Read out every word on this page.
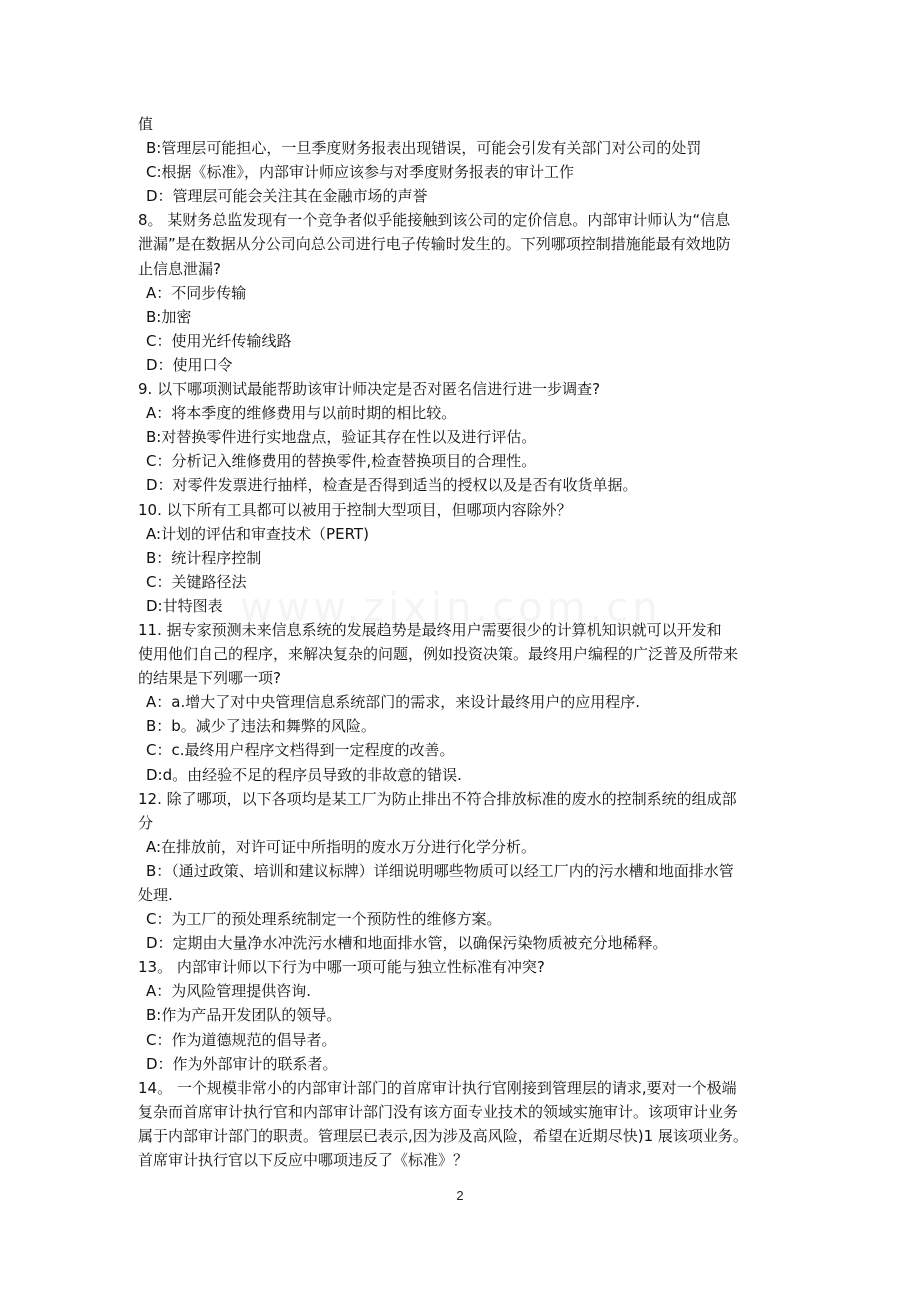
值
B:管理层可能担心，一旦季度财务报表出现错误，可能会引发有关部门对公司的处罚
C:根据《标准》，内部审计师应该参与对季度财务报表的审计工作
D：管理层可能会关注其在金融市场的声誉
8。 某财务总监发现有一个竞争者似乎能接触到该公司的定价信息。内部审计师认为“信息
泄漏”是在数据从分公司向总公司进行电子传输时发生的。下列哪项控制措施能最有效地防
止信息泄漏?
A：不同步传输
B:加密
C：使用光纤传输线路
D：使用口令
9. 以下哪项测试最能帮助该审计师决定是否对匿名信进行进一步调查?
A：将本季度的维修费用与以前时期的相比较。
B:对替换零件进行实地盘点，验证其存在性以及进行评估。
C：分析记入维修费用的替换零件,检查替换项目的合理性。
D：对零件发票进行抽样，检查是否得到适当的授权以及是否有收货单据。
10. 以下所有工具都可以被用于控制大型项目，但哪项内容除外？
A:计划的评估和审查技术（PERT)
B：统计程序控制
C：关键路径法
D:甘特图表
11. 据专家预测未来信息系统的发展趋势是最终用户需要很少的计算机知识就可以开发和
使用他们自己的程序，来解决复杂的问题，例如投资决策。最终用户编程的广泛普及所带来
的结果是下列哪一项?
A：a.增大了对中央管理信息系统部门的需求，来设计最终用户的应用程序.
B：b。减少了违法和舞弊的风险。
C：c.最终用户程序文档得到一定程度的改善。
D:d。由经验不足的程序员导致的非故意的错误.
12. 除了哪项，以下各项均是某工厂为防止排出不符合排放标准的废水的控制系统的组成部
分
A:在排放前，对许可证中所指明的废水万分进行化学分析。
B：（通过政策、培训和建议标牌）详细说明哪些物质可以经工厂内的污水槽和地面排水管
处理.
C：为工厂的预处理系统制定一个预防性的维修方案。
D：定期由大量净水冲洗污水槽和地面排水管，以确保污染物质被充分地稀释。
13。 内部审计师以下行为中哪一项可能与独立性标准有冲突?
A：为风险管理提供咨询.
B:作为产品开发团队的领导。
C：作为道德规范的倡导者。
D：作为外部审计的联系者。
14。 一个规模非常小的内部审计部门的首席审计执行官刚接到管理层的请求,要对一个极端
复杂而首席审计执行官和内部审计部门没有该方面专业技术的领域实施审计。该项审计业务
属于内部审计部门的职责。管理层已表示,因为涉及高风险，希望在近期尽快)1 展该项业务。
首席审计执行官以下反应中哪项违反了《标准》？
2
